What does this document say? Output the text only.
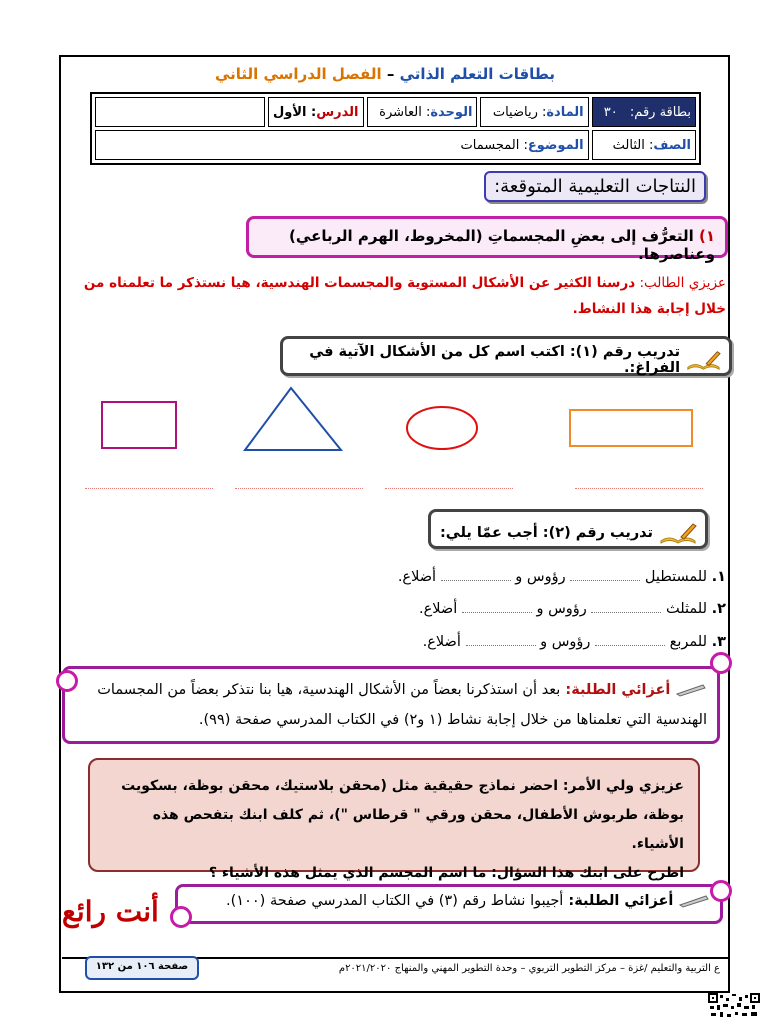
بطاقات التعلم الذاتي – الفصل الدراسي الثاني
بطاقة رقم: ٣٠	المادة: رياضيات	الوحدة: العاشرة	الدرس: الأول	
الصف: الثالث	الموضوع: المجسمات			
النتاجات التعليمية المتوقعة:
١) التعرُّف إلى بعضِ المجسماتِ (المخروط، الهرم الرباعي) وعناصرها.
عزيزي الطالب: درسنا الكثير عن الأشكال المستوية والمجسمات الهندسية، هيا نستذكر ما تعلمناه من خلال إجابة هذا النشاط.
تدريب رقم (١): اكتب اسم كل من الأشكال الآتية في الفراغ:.
تدريب رقم (٢): أجب عمّا يلي:
١. للمستطيل  رؤوس و  أضلاع.
٢. للمثلث  رؤوس و  أضلاع.
٣. للمربع  رؤوس و  أضلاع.
أعزائي الطلبة: بعد أن استذكرنا بعضاً من الأشكال الهندسية، هيا بنا نتذكر بعضاً من المجسمات الهندسية التي تعلمناها من خلال إجابة نشاط (١ و٢) في الكتاب المدرسي صفحة (٩٩).
عزيزي ولي الأمر: احضر نماذج حقيقية مثل (محقن بلاستيك، محقن بوظة، بسكويت
بوظة، طربوش الأطفال، محقن ورقي " قرطاس ")، ثم كلف ابنك بتفحص هذه الأشياء.
اطرح على ابنك هذا السؤال: ما اسم المجسم الذي يمثل هذه الأشياء ؟
أعزائي الطلبة: أجيبوا نشاط رقم (٣) في الكتاب المدرسي صفحة (١٠٠).
أنت رائع
صفحة ١٠٦ من ١٣٢	ع التربية والتعليم /غزة – مركز التطوير التربوي – وحدة التطوير المهني والمنهاج ٢٠٢١/٢٠٢٠م
